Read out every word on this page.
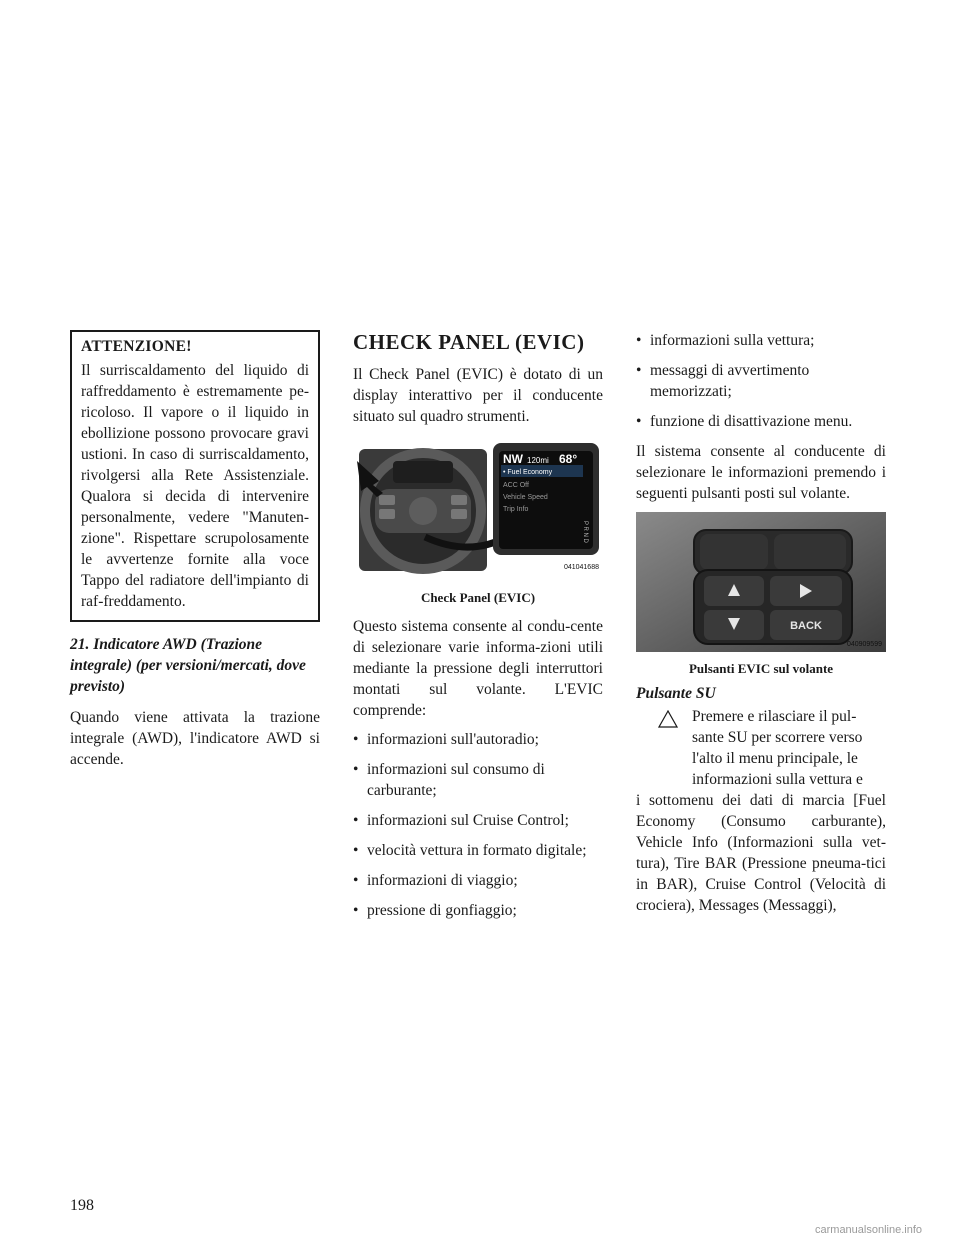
ATTENZIONE!

Il surriscaldamento del liquido di raffreddamento è estremamente pe-ricoloso. Il vapore o il liquido in ebollizione possono provocare gravi ustioni. In caso di surriscaldamento, rivolgersi alla Rete Assistenziale. Qualora si decida di intervenire personalmente, vedere "Manuten-zione". Rispettare scrupolosamente le avvertenze fornite alla voce Tappo del radiatore dell'impianto di raf-freddamento.

21. Indicatore AWD (Trazione integrale) (per versioni/mercati, dove previsto)

Quando viene attivata la trazione integrale (AWD), l'indicatore AWD si accende.

CHECK PANEL (EVIC)

Il Check Panel (EVIC) è dotato di un display interattivo per il conducente situato sul quadro strumenti.

NW 120mi 68°
• Fuel Economy
ACC Off
Vehicle Speed
Trip Info
P R N D
041041688
Check Panel (EVIC)

Questo sistema consente al condu-cente di selezionare varie informa-zioni utili mediante la pressione degli interruttori montati sul volante. L'EVIC comprende:

• informazioni sull'autoradio;
• informazioni sul consumo di carburante;
• informazioni sul Cruise Control;
• velocità vettura in formato digitale;
• informazioni di viaggio;
• pressione di gonfiaggio;
• informazioni sulla vettura;
• messaggi di avvertimento memorizzati;
• funzione di disattivazione menu.

Il sistema consente al conducente di selezionare le informazioni premendo i seguenti pulsanti posti sul volante.

BACK
040909599
Pulsanti EVIC sul volante
Pulsante SU

Premere e rilasciare il pul-

sante SU per scorrere verso

l'alto il menu principale, le

informazioni sulla vettura e

i sottomenu dei dati di marcia [Fuel Economy (Consumo carburante), Vehicle Info (Informazioni sulla vet-tura), Tire BAR (Pressione pneuma-tici in BAR), Cruise Control (Velocità di crociera), Messages (Messaggi),

198
carmanualsonline.info
